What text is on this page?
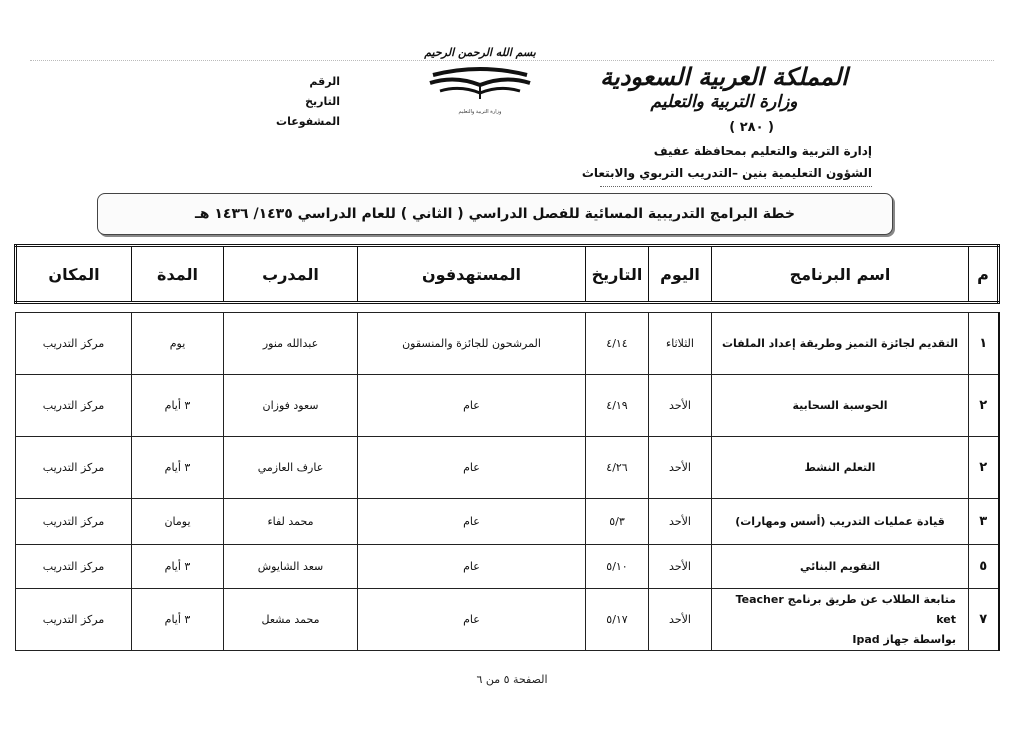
المملكة العربية السعودية
وزارة التربية والتعليم
( ٢٨٠ )
إدارة التربية والتعليم بمحافظة عفيف
الشؤون التعليمية بنين –التدريب التربوي والابتعاث
بسم الله الرحمن الرحيم
وزارة التربية والتعليم
الرقم
التاريخ
المشفوعات
خطة البرامج التدريبية المسائية للفصل الدراسي ( الثاني ) للعام الدراسي ١٤٣٥/ ١٤٣٦ هـ
م	اسم البرنامج	اليوم	التاريخ	المستهدفون	المدرب	المدة	المكان

١	التقديم لجائزة التميز وطريقة إعداد الملفات	الثلاثاء	٤/١٤	المرشحون للجائزة والمنسقون	عبدالله منور	يوم	مركز التدريب
٢	الحوسبة السحابية	الأحد	٤/١٩	عام	سعود فوزان	٣ أيام	مركز التدريب
٢	التعلم النشط	الأحد	٤/٢٦	عام	عارف العازمي	٣ أيام	مركز التدريب
٣	قيادة عمليات التدريب (أسس ومهارات)	الأحد	٥/٣	عام	محمد لفاء	يومان	مركز التدريب
٥	التقويم البنائي	الأحد	٥/١٠	عام	سعد الشايوش	٣ أيام	مركز التدريب
٧	متابعة الطلاب عن طريق برنامج Teacher ket
بواسطة جهاز Ipad	الأحد	٥/١٧	عام	محمد مشعل	٣ أيام	مركز التدريب
الصفحة ٥ من ٦
